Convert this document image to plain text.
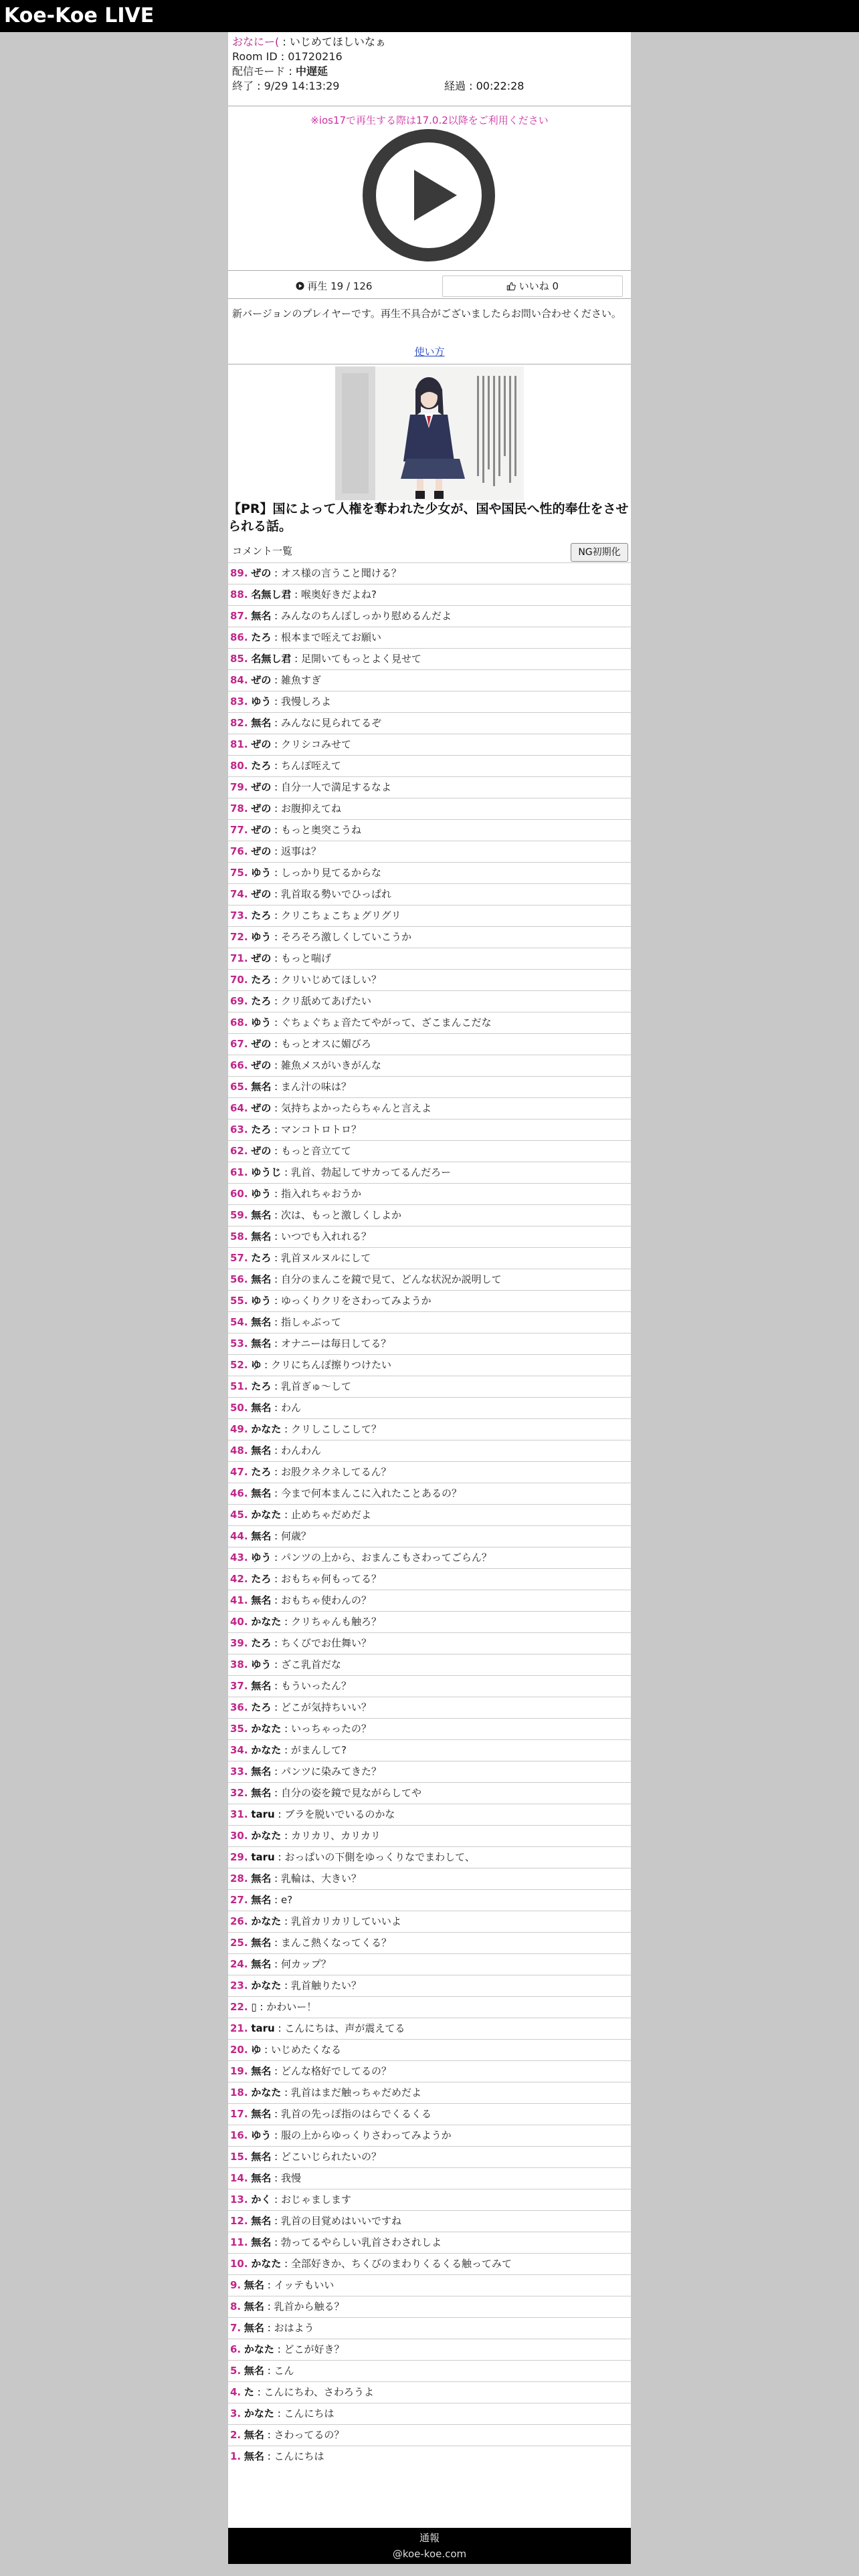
Koe-Koe LIVE
おなにー( : いじめてほしいなぁ
Room ID : 01720216
配信モード : 中遅延
終了 : 9/29 14:13:29	経過 : 00:22:28
※ios17で再生する際は17.0.2以降をご利用ください
再生 19 / 126	いいね 0
新バージョンのプレイヤーです。再生不具合がございましたらお問い合わせください。
使い方
【PR】国によって人権を奪われた少女が、国や国民へ性的奉仕をさせられる話。
コメント一覧	NG初期化
89. ぜの : オス様の言うこと聞ける？
88. 名無し君 : 喉奥好きだよね?
87. 無名 : みんなのちんぽしっかり慰めるんだよ
86. たろ : 根本まで咥えてお願い
85. 名無し君 : 足開いてもっとよく見せて
84. ぜの : 雑魚すぎ
83. ゆう : 我慢しろよ
82. 無名 : みんなに見られてるぞ
81. ぜの : クリシコみせて
80. たろ : ちんぽ咥えて
79. ぜの : 自分一人で満足するなよ
78. ぜの : お腹抑えてね
77. ぜの : もっと奥突こうね
76. ぜの : 返事は？
75. ゆう : しっかり見てるからな
74. ぜの : 乳首取る勢いでひっぱれ
73. たろ : クリこちょこちょグリグリ
72. ゆう : そろそろ激しくしていこうか
71. ぜの : もっと喘げ
70. たろ : クリいじめてほしい？
69. たろ : クリ舐めてあげたい
68. ゆう : ぐちょぐちょ音たてやがって、ざこまんこだな
67. ぜの : もっとオスに媚びろ
66. ぜの : 雑魚メスがいきがんな
65. 無名 : まん汁の味は？
64. ぜの : 気持ちよかったらちゃんと言えよ
63. たろ : マンコトロトロ？
62. ぜの : もっと音立てて
61. ゆうじ : 乳首、勃起してサカってるんだろー
60. ゆう : 指入れちゃおうか
59. 無名 : 次は、もっと激しくしよか
58. 無名 : いつでも入れれる？
57. たろ : 乳首ヌルヌルにして
56. 無名 : 自分のまんこを鏡で見て、どんな状況か説明して
55. ゆう : ゆっくりクリをさわってみようか
54. 無名 : 指しゃぶって
53. 無名 : オナニーは毎日してる？
52. ゆ : クリにちんぽ擦りつけたい
51. たろ : 乳首ぎゅ〜して
50. 無名 : わん
49. かなた : クリしこしこして？
48. 無名 : わんわん
47. たろ : お股クネクネしてるん？
46. 無名 : 今まで何本まんこに入れたことあるの？
45. かなた : 止めちゃだめだよ
44. 無名 : 何歳？
43. ゆう : パンツの上から、おまんこもさわってごらん？
42. たろ : おもちゃ何もってる？
41. 無名 : おもちゃ使わんの？
40. かなた : クリちゃんも触ろ？
39. たろ : ちくびでお仕舞い？
38. ゆう : ざこ乳首だな
37. 無名 : もういったん？
36. たろ : どこが気持ちいい？
35. かなた : いっちゃったの？
34. かなた : がまんして?
33. 無名 : パンツに染みてきた？
32. 無名 : 自分の姿を鏡で見ながらしてや
31. taru : ブラを脱いでいるのかな
30. かなた : カリカリ、カリカリ
29. taru : おっぱいの下側をゆっくりなでまわして、
28. 無名 : 乳輪は、大きい？
27. 無名 : e?
26. かなた : 乳首カリカリしていいよ
25. 無名 : まんこ熱くなってくる？
24. 無名 : 何カップ？
23. かなた : 乳首触りたい？
22. ▯ : かわいー！
21. taru : こんにちは、声が震えてる
20. ゆ : いじめたくなる
19. 無名 : どんな格好でしてるの？
18. かなた : 乳首はまだ触っちゃだめだよ
17. 無名 : 乳首の先っぽ指のはらでくるくる
16. ゆう : 服の上からゆっくりさわってみようか
15. 無名 : どこいじられたいの？
14. 無名 : 我慢
13. かく : おじゃまします
12. 無名 : 乳首の目覚めはいいですね
11. 無名 : 勃ってるやらしい乳首さわされしよ
10. かなた : 全部好きか、ちくびのまわりくるくる触ってみて
9. 無名 : イッテもいい
8. 無名 : 乳首から触る？
7. 無名 : おはよう
6. かなた : どこが好き？
5. 無名 : こん
4. た : こんにちわ、さわろうよ
3. かなた : こんにちは
2. 無名 : さわってるの？
1. 無名 : こんにちは
通報
@koe-koe.com
